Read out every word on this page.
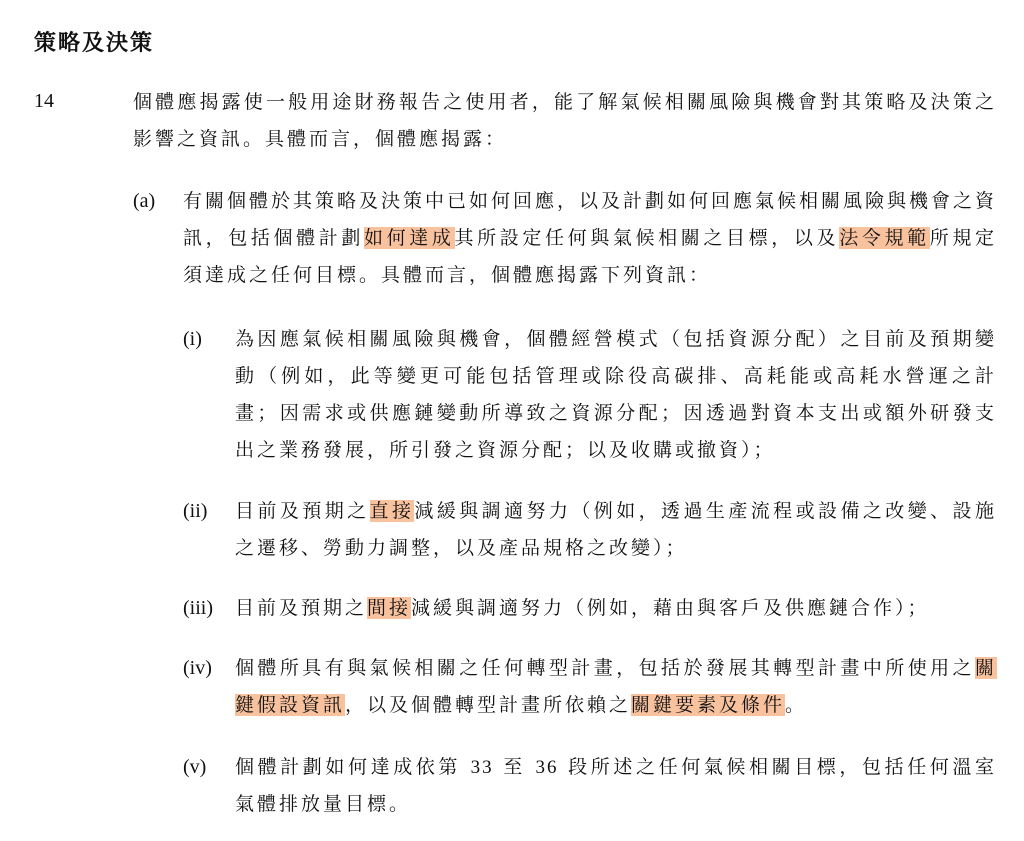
策略及決策
14	個體應揭露使一般用途財務報告之使用者，能了解氣候相關風險與機會對其策略及決策之影響之資訊。具體而言，個體應揭露：
(a) 有關個體於其策略及決策中已如何回應，以及計劃如何回應氣候相關風險與機會之資訊，包括個體計劃如何達成其所設定任何與氣候相關之目標，以及法令規範所規定須達成之任何目標。具體而言，個體應揭露下列資訊：
(i) 為因應氣候相關風險與機會，個體經營模式（包括資源分配）之目前及預期變動（例如，此等變更可能包括管理或除役高碳排、高耗能或高耗水營運之計畫；因需求或供應鏈變動所導致之資源分配；因透過對資本支出或額外研發支出之業務發展，所引發之資源分配；以及收購或撤資）；
(ii) 目前及預期之直接減緩與調適努力（例如，透過生產流程或設備之改變、設施之遷移、勞動力調整，以及產品規格之改變）；
(iii) 目前及預期之間接減緩與調適努力（例如，藉由與客戶及供應鏈合作）；
(iv) 個體所具有與氣候相關之任何轉型計畫，包括於發展其轉型計畫中所使用之關鍵假設資訊，以及個體轉型計畫所依賴之關鍵要素及條件。
(v) 個體計劃如何達成依第 33 至 36 段所述之任何氣候相關目標，包括任何溫室氣體排放量目標。
